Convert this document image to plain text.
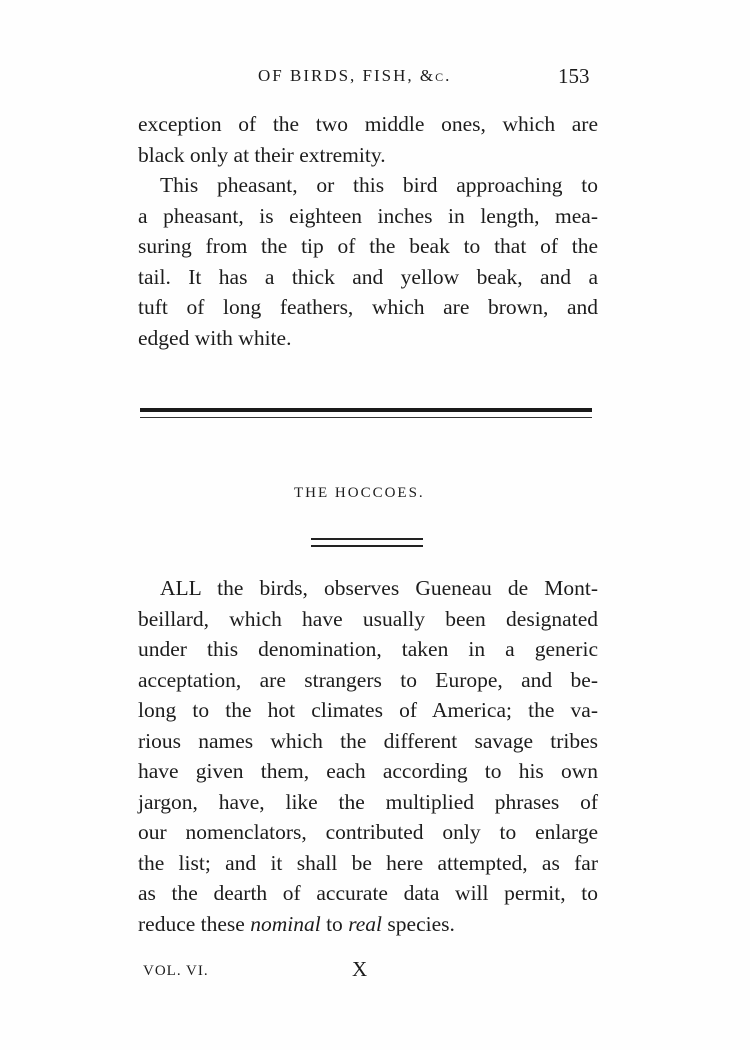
OF BIRDS, FISH, &c.	153
exception of the two middle ones, which are
black only at their extremity.
This pheasant, or this bird approaching to
a pheasant, is eighteen inches in length, mea-
suring from the tip of the beak to that of the
tail. It has a thick and yellow beak, and a
tuft of long feathers, which are brown, and
edged with white.
THE HOCCOES.
ALL the birds, observes Gueneau de Mont-
beillard, which have usually been designated
under this denomination, taken in a generic
acceptation, are strangers to Europe, and be-
long to the hot climates of America; the va-
rious names which the different savage tribes
have given them, each according to his own
jargon, have, like the multiplied phrases of
our nomenclators, contributed only to enlarge
the list; and it shall be here attempted, as far
as the dearth of accurate data will permit, to
reduce these nominal to real species.
VOL. VI.	X
